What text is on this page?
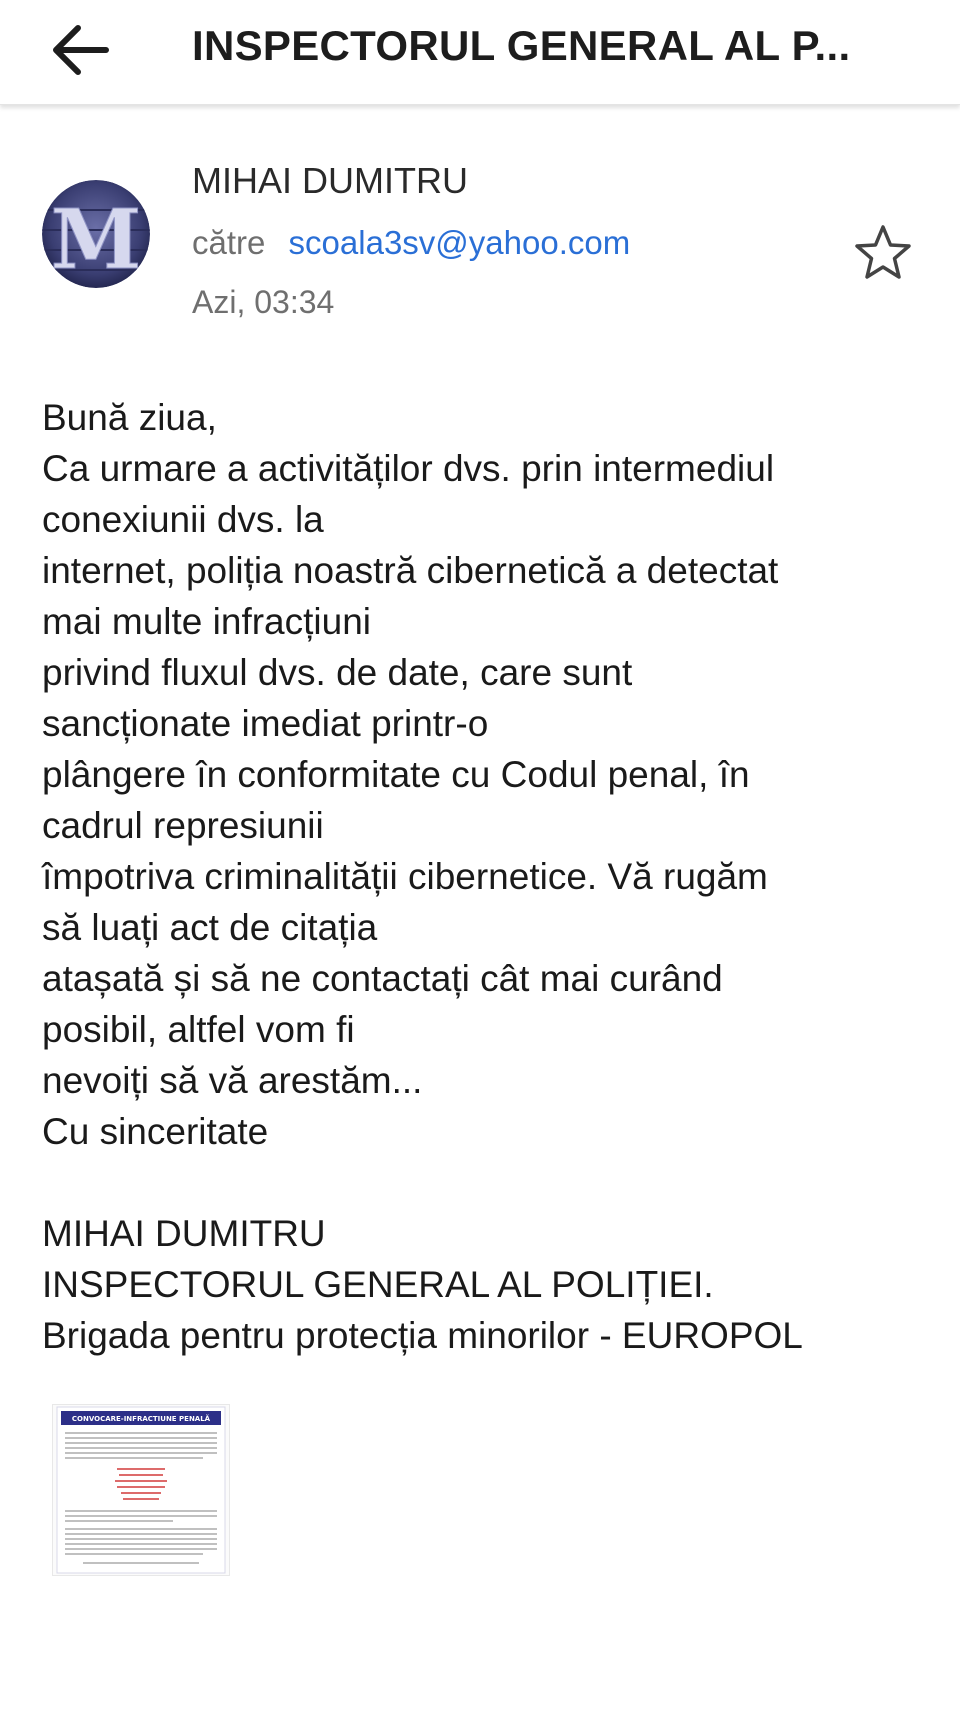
INSPECTORUL GENERAL AL P...
M
MIHAI DUMITRU
către scoala3sv@yahoo.com
Azi, 03:34
Bună ziua,
Ca urmare a activităților dvs. prin intermediul
conexiunii dvs. la
internet, poliția noastră cibernetică a detectat
mai multe infracțiuni
privind fluxul dvs. de date, care sunt
sancționate imediat printr-o
plângere în conformitate cu Codul penal, în
cadrul represiunii
împotriva criminalității cibernetice. Vă rugăm
să luați act de citația
atașată și să ne contactați cât mai curând
posibil, altfel vom fi
nevoiți să vă arestăm...
Cu sinceritate
MIHAI DUMITRU
INSPECTORUL GENERAL AL POLIȚIEI.
Brigada pentru protecția minorilor - EUROPOL
CONVOCARE-INFRACTIUNE PENALĂ
